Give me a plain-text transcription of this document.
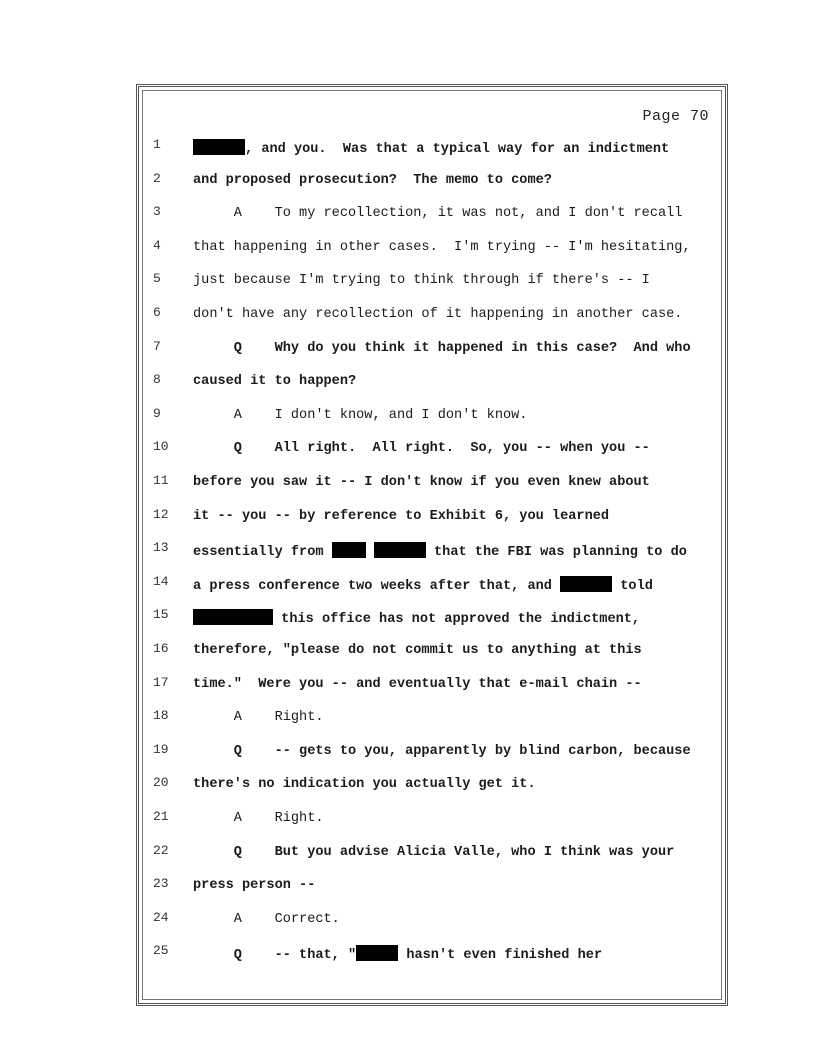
Page 70
1	, and you.  Was that a typical way for an indictment
2	and proposed prosecution?  The memo to come?
3	A    To my recollection, it was not, and I don't recall
4	that happening in other cases.  I'm trying -- I'm hesitating,
5	just because I'm trying to think through if there's -- I
6	don't have any recollection of it happening in another case.
7	Q    Why do you think it happened in this case?  And who
8	caused it to happen?
9	A    I don't know, and I don't know.
10	Q    All right.  All right.  So, you -- when you --
11	before you saw it -- I don't know if you even knew about
12	it -- you -- by reference to Exhibit 6, you learned
13	essentially from	that the FBI was planning to do
14	a press conference two weeks after that, and	told
15	this office has not approved the indictment,
16	therefore, "please do not commit us to anything at this
17	time."  Were you -- and eventually that e-mail chain --
18	A    Right.
19	Q    -- gets to you, apparently by blind carbon, because
20	there's no indication you actually get it.
21	A    Right.
22	Q    But you advise Alicia Valle, who I think was your
23	press person --
24	A    Correct.
25	Q    -- that, "	hasn't even finished her
